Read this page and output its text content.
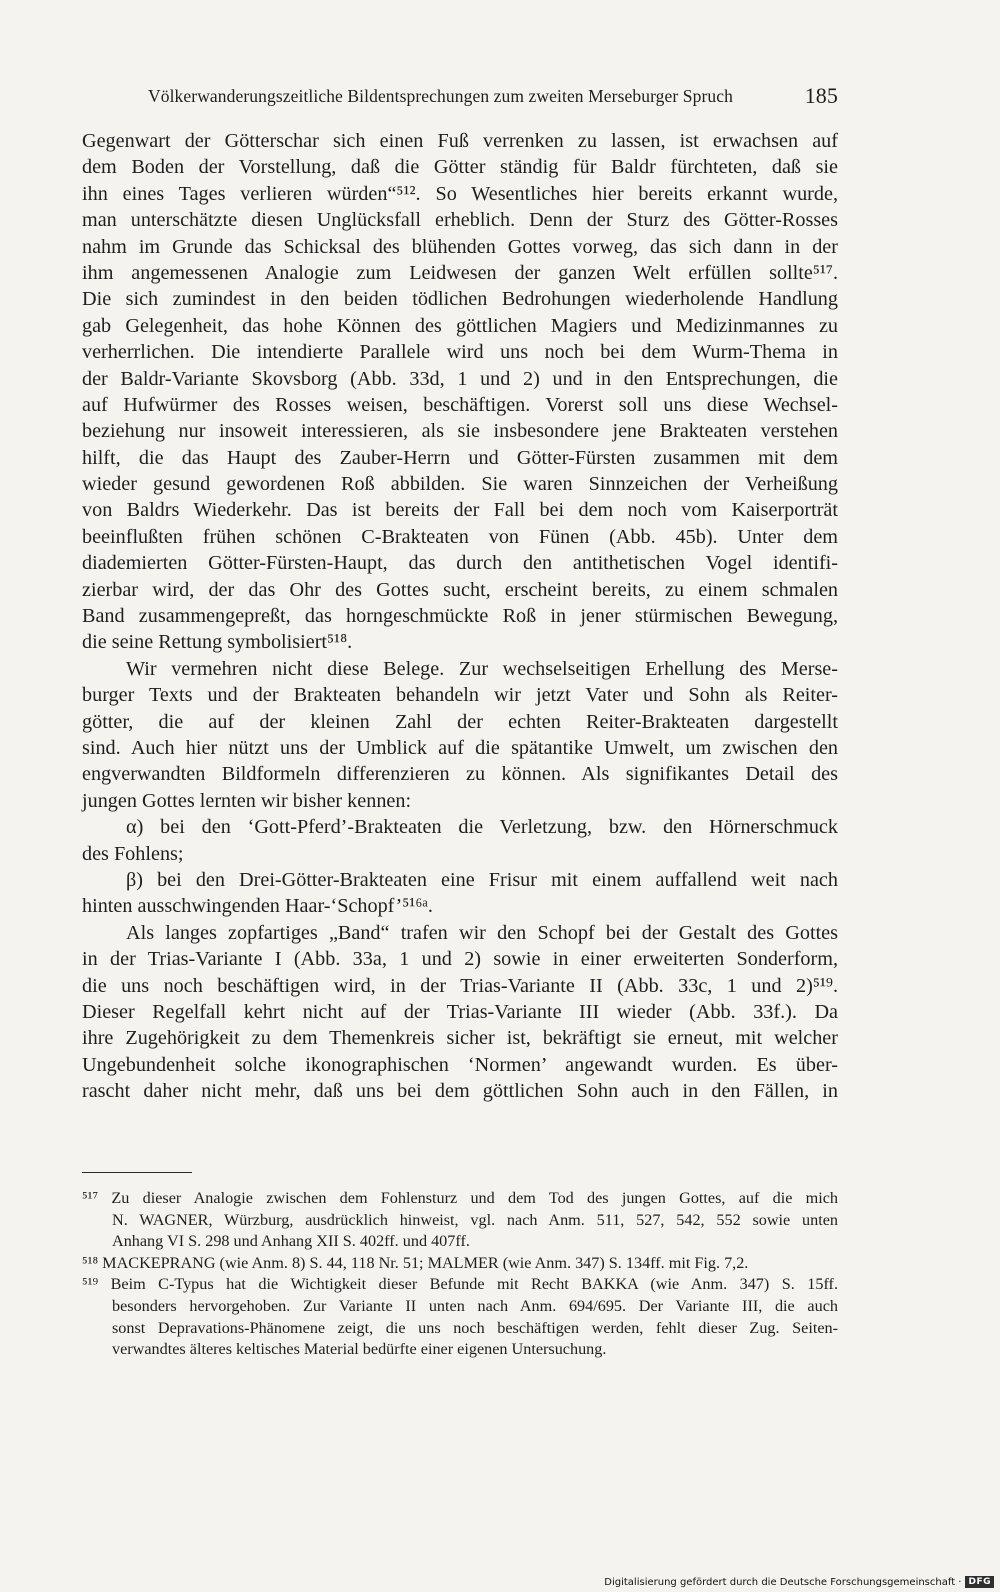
Völkerwanderungszeitliche Bildentsprechungen zum zweiten Merseburger Spruch	185
Gegenwart der Götterschar sich einen Fuß verrenken zu lassen, ist erwachsen auf
dem Boden der Vorstellung, daß die Götter ständig für Baldr fürchteten, daß sie
ihn eines Tages verlieren würden“⁵¹². So Wesentliches hier bereits erkannt wurde,
man unterschätzte diesen Unglücksfall erheblich. Denn der Sturz des Götter-Rosses
nahm im Grunde das Schicksal des blühenden Gottes vorweg, das sich dann in der
ihm angemessenen Analogie zum Leidwesen der ganzen Welt erfüllen sollte⁵¹⁷.
Die sich zumindest in den beiden tödlichen Bedrohungen wiederholende Handlung
gab Gelegenheit, das hohe Können des göttlichen Magiers und Medizinmannes zu
verherrlichen. Die intendierte Parallele wird uns noch bei dem Wurm-Thema in
der Baldr-Variante Skovsborg (Abb. 33d, 1 und 2) und in den Entsprechungen, die
auf Hufwürmer des Rosses weisen, beschäftigen. Vorerst soll uns diese Wechsel-
beziehung nur insoweit interessieren, als sie insbesondere jene Brakteaten verstehen
hilft, die das Haupt des Zauber-Herrn und Götter-Fürsten zusammen mit dem
wieder gesund gewordenen Roß abbilden. Sie waren Sinnzeichen der Verheißung
von Baldrs Wiederkehr. Das ist bereits der Fall bei dem noch vom Kaiserporträt
beeinflußten frühen schönen C-Brakteaten von Fünen (Abb. 45b). Unter dem
diademierten Götter-Fürsten-Haupt, das durch den antithetischen Vogel identifi-
zierbar wird, der das Ohr des Gottes sucht, erscheint bereits, zu einem schmalen
Band zusammengepreßt, das horngeschmückte Roß in jener stürmischen Bewegung,
die seine Rettung symbolisiert⁵¹⁸.
Wir vermehren nicht diese Belege. Zur wechselseitigen Erhellung des Merse-
burger Texts und der Brakteaten behandeln wir jetzt Vater und Sohn als Reiter-
götter, die auf der kleinen Zahl der echten Reiter-Brakteaten dargestellt
sind. Auch hier nützt uns der Umblick auf die spätantike Umwelt, um zwischen den
engverwandten Bildformeln differenzieren zu können. Als signifikantes Detail des
jungen Gottes lernten wir bisher kennen:
α) bei den ‘Gott-Pferd’-Brakteaten die Verletzung, bzw. den Hörnerschmuck
des Fohlens;
β) bei den Drei-Götter-Brakteaten eine Frisur mit einem auffallend weit nach
hinten ausschwingenden Haar-‘Schopf’⁵¹⁶ᵃ.
Als langes zopfartiges „Band“ trafen wir den Schopf bei der Gestalt des Gottes
in der Trias-Variante I (Abb. 33a, 1 und 2) sowie in einer erweiterten Sonderform,
die uns noch beschäftigen wird, in der Trias-Variante II (Abb. 33c, 1 und 2)⁵¹⁹.
Dieser Regelfall kehrt nicht auf der Trias-Variante III wieder (Abb. 33f.). Da
ihre Zugehörigkeit zu dem Themenkreis sicher ist, bekräftigt sie erneut, mit welcher
Ungebundenheit solche ikonographischen ‘Normen’ angewandt wurden. Es über-
rascht daher nicht mehr, daß uns bei dem göttlichen Sohn auch in den Fällen, in
⁵¹⁷ Zu dieser Analogie zwischen dem Fohlensturz und dem Tod des jungen Gottes, auf die mich
N. WAGNER, Würzburg, ausdrücklich hinweist, vgl. nach Anm. 511, 527, 542, 552 sowie unten
Anhang VI S. 298 und Anhang XII S. 402ff. und 407ff.
⁵¹⁸ MACKEPRANG (wie Anm. 8) S. 44, 118 Nr. 51; MALMER (wie Anm. 347) S. 134ff. mit Fig. 7,2.
⁵¹⁹ Beim C-Typus hat die Wichtigkeit dieser Befunde mit Recht BAKKA (wie Anm. 347) S. 15ff.
besonders hervorgehoben. Zur Variante II unten nach Anm. 694/695. Der Variante III, die auch
sonst Depravations-Phänomene zeigt, die uns noch beschäftigen werden, fehlt dieser Zug. Seiten-
verwandtes älteres keltisches Material bedürfte einer eigenen Untersuchung.
Digitalisierung gefördert durch die Deutsche Forschungsgemeinschaft · DFG
